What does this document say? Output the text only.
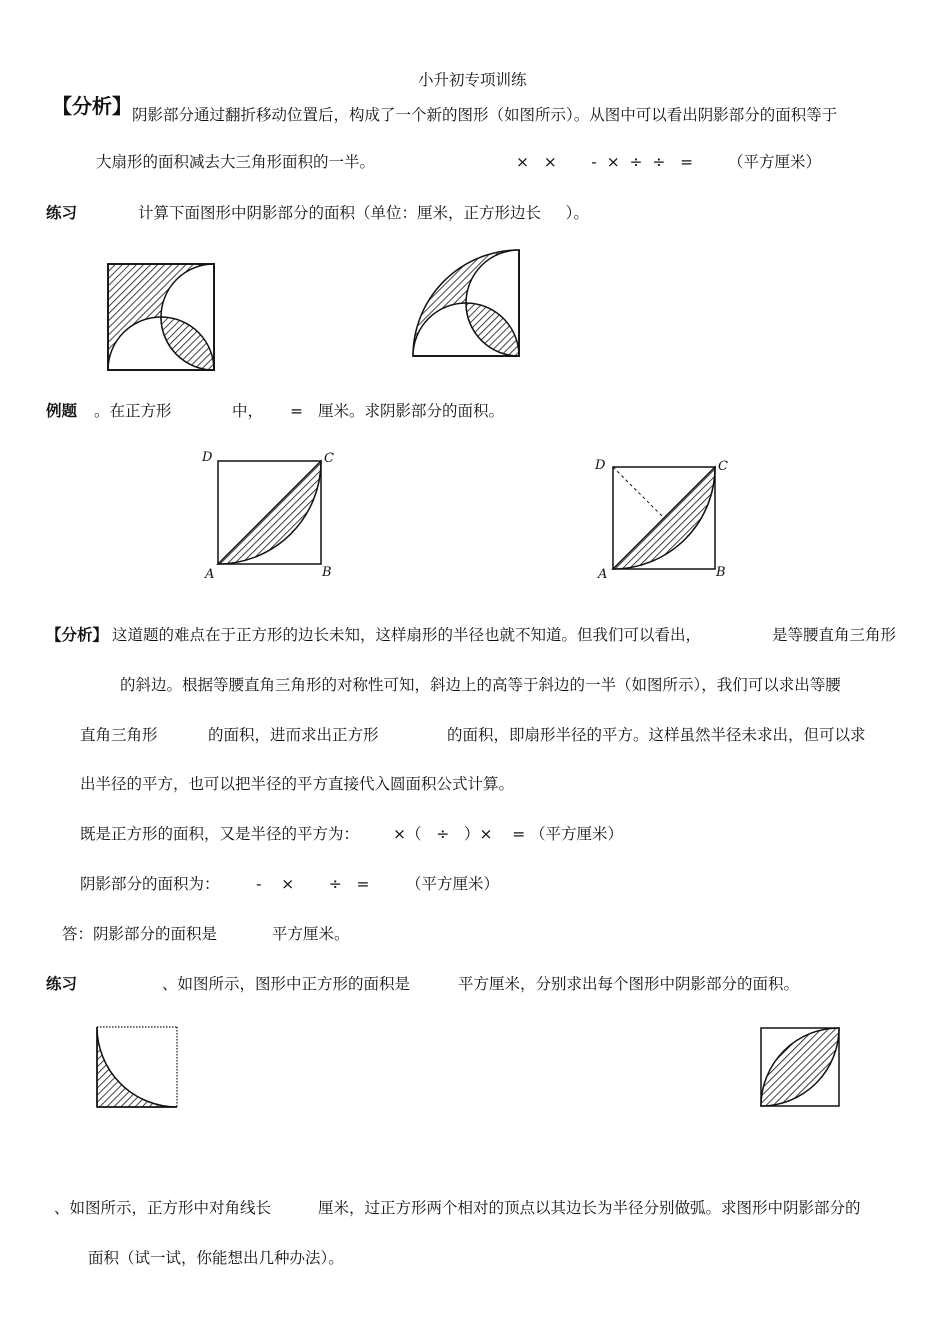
小升初专项训练
【分析】 阴影部分通过翻折移动位置后，构成了一个新的图形（如图所示）。从图中可以看出阴影部分的面积等于
大扇形的面积减去大三角形面积的一半。	×   ×       -  ×  ÷  ÷   = （平方厘米）
练习	计算下面图形中阴影部分的面积（单位：厘米，正方形边长     ）。
例题 。在正方形	中， = 厘米。求阴影部分的面积。
D	C
A	B
D	C
A	B
【分析】 这道题的难点在于正方形的边长未知，这样扇形的半径也就不知道。但我们可以看出，	是等腰直角三角形
的斜边。根据等腰直角三角形的对称性可知，斜边上的高等于斜边的一半（如图所示），我们可以求出等腰
直角三角形	的面积，进而求出正方形	的面积，即扇形半径的平方。这样虽然半径未求出，但可以求
出半径的平方，也可以把半径的平方直接代入圆面积公式计算。
既是正方形的面积，又是半径的平方为： ×（   ÷   ）×    = （平方厘米）
阴影部分的面积为： -    ×       ÷   = （平方厘米）
答：阴影部分的面积是	平方厘米。
练习	、如图所示，图形中正方形的面积是	平方厘米，分别求出每个图形中阴影部分的面积。
、如图所示，正方形中对角线长	厘米，过正方形两个相对的顶点以其边长为半径分别做弧。求图形中阴影部分的
面积（试一试，你能想出几种办法）。
